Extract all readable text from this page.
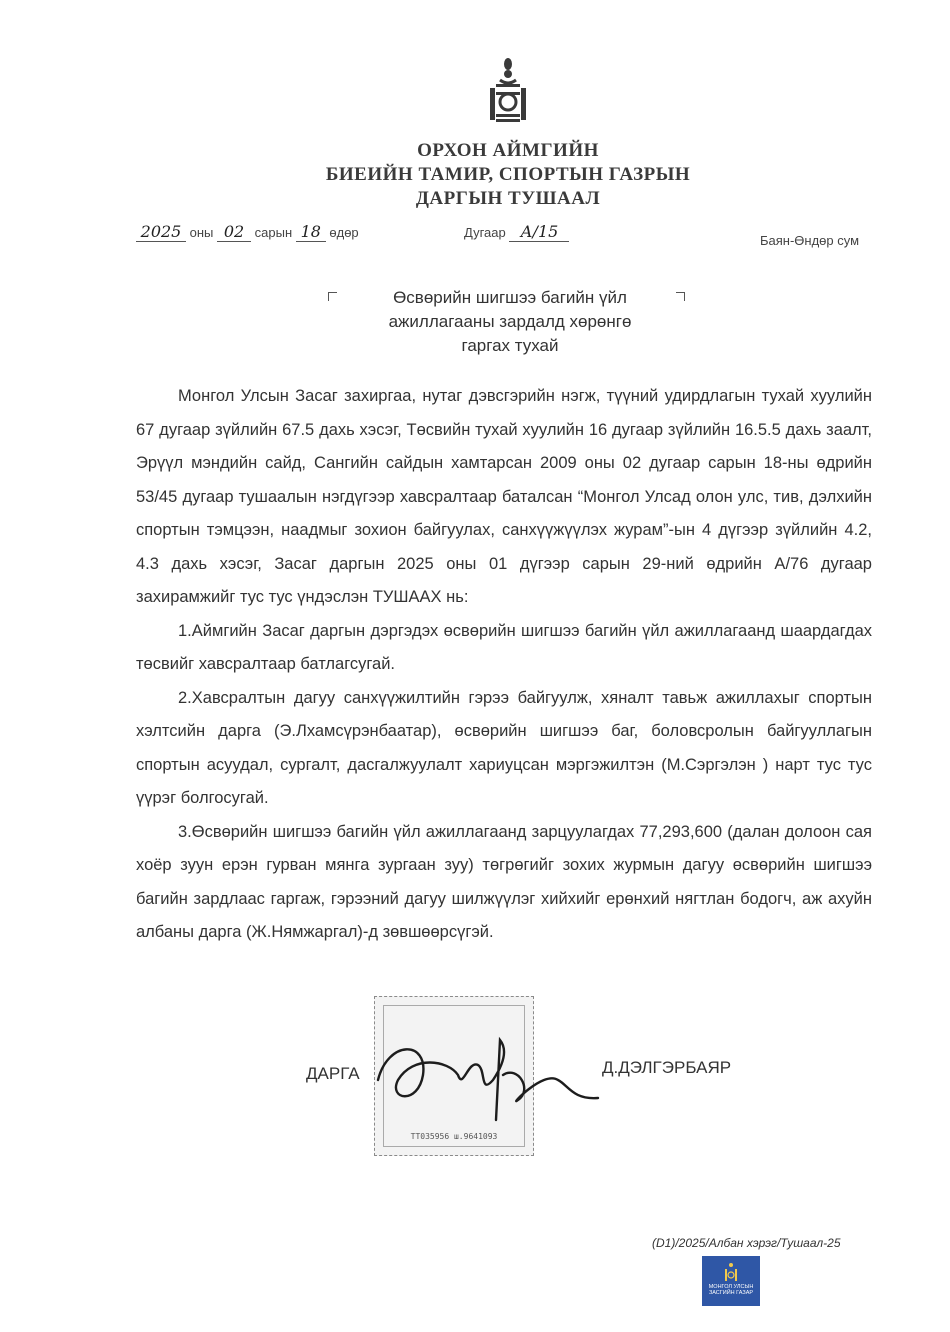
ОРХОН АЙМГИЙН
БИЕИЙН ТАМИР, СПОРТЫН ГАЗРЫН
ДАРГЫН ТУШААЛ
2025 оны 02 сарын 18 өдөр	Дугаар А/15	Баян-Өндөр сум
Өсвөрийн шигшээ багийн үйл
ажиллагааны зардалд хөрөнгө
гаргах тухай

Монгол Улсын Засаг захиргаа, нутаг дэвсгэрийн нэгж, түүний удирдлагын тухай хуулийн 67 дугаар зүйлийн 67.5 дахь хэсэг, Төсвийн тухай хуулийн 16 дугаар зүйлийн 16.5.5 дахь заалт, Эрүүл мэндийн сайд, Сангийн сайдын хамтарсан 2009 оны 02 дугаар сарын 18-ны өдрийн 53/45 дугаар тушаалын нэгдүгээр хавсралтаар баталсан “Монгол Улсад олон улс, тив, дэлхийн спортын тэмцээн, наадмыг зохион байгуулах, санхүүжүүлэх журам”-ын 4 дүгээр зүйлийн 4.2, 4.3 дахь хэсэг, Засаг даргын 2025 оны 01 дүгээр сарын 29-ний өдрийн А/76 дугаар захирамжийг тус тус үндэслэн ТУШААХ нь:

1.Аймгийн Засаг даргын дэргэдэх өсвөрийн шигшээ багийн үйл ажиллагаанд шаардагдах төсвийг хавсралтаар батлагсугай.

2.Хавсралтын дагуу санхүүжилтийн гэрээ байгуулж, хяналт тавьж ажиллахыг спортын хэлтсийн дарга (Э.Лхамсүрэнбаатар), өсвөрийн шигшээ баг, боловсролын байгууллагын спортын асуудал, сургалт, дасгалжуулалт хариуцсан мэргэжилтэн (М.Сэргэлэн ) нарт тус тус үүрэг болгосугай.

3.Өсвөрийн шигшээ багийн үйл ажиллагаанд зарцуулагдах 77,293,600 (далан долоон сая хоёр зуун ерэн гурван мянга зургаан зуу) төгрөгийг зохих журмын дагуу өсвөрийн шигшээ багийн зардлаас гаргаж, гэрээний дагуу шилжүүлэг хийхийг ерөнхий нягтлан бодогч, аж ахуйн албаны дарга (Ж.Нямжаргал)-д зөвшөөрсүгэй.

ТТ035956 ш.9641093
ДАРГА	Д.ДЭЛГЭРБАЯР
(D1)/2025/Албан хэрэг/Тушаал-25
МОНГОЛ УЛСЫН
ЗАСГИЙН ГАЗАР
